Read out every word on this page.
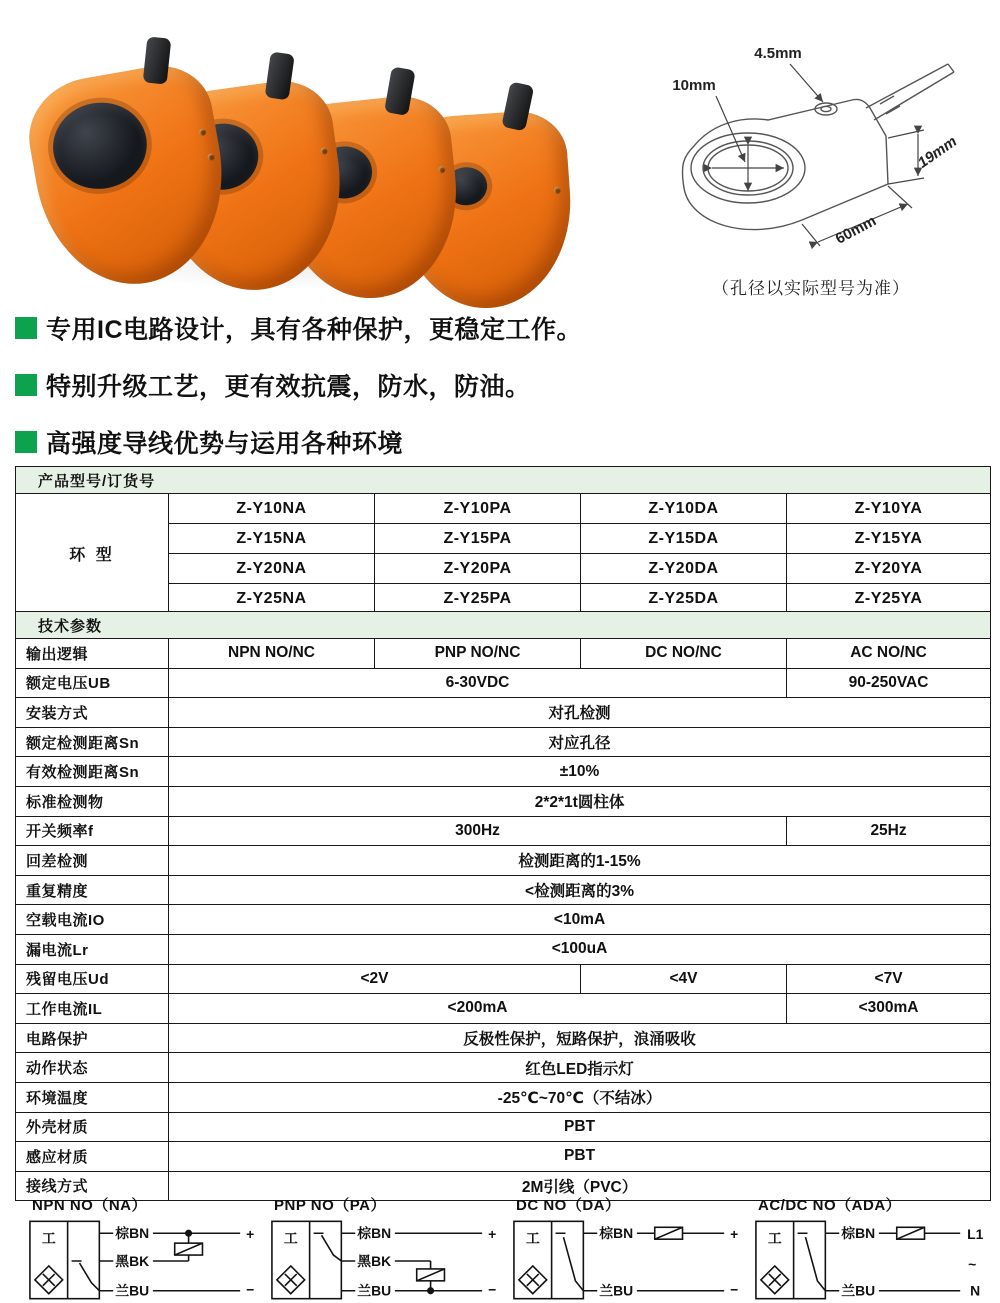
4.5mm
10mm
19mm
60mm
（孔径以实际型号为准）
专用IC电路设计，具有各种保护，更稳定工作。
特别升级工艺，更有效抗震，防水，防油。
高强度导线优势与运用各种环境
产品型号/订货号				
环 型	Z-Y10NA	Z-Y10PA	Z-Y10DA	Z-Y10YA
	Z-Y15NA	Z-Y15PA	Z-Y15DA	Z-Y15YA
	Z-Y20NA	Z-Y20PA	Z-Y20DA	Z-Y20YA
	Z-Y25NA	Z-Y25PA	Z-Y25DA	Z-Y25YA
技术参数				
输出逻辑	NPN NO/NC	PNP NO/NC	DC NO/NC	AC NO/NC
额定电压UB	6-30VDC			90-250VAC
安装方式	对孔检测			
额定检测距离Sn	对应孔径			
有效检测距离Sn	±10%			
标准检测物	2*2*1t圆柱体			
开关频率f	300Hz			25Hz
回差检测	检测距离的1-15%			
重复精度	<检测距离的3%			
空载电流IO	<10mA			
漏电流Lr	<100uA			
残留电压Ud	<2V		<4V	<7V
工作电流IL	<200mA			<300mA
电路保护	反极性保护，短路保护，浪涌吸收			
动作状态	红色LED指示灯			
环境温度	-25℃~70℃（不结冰）			
外壳材质	PBT			
感应材质	PBT			
接线方式	2M引线（PVC）			
NPN NO（NA）
工	棕BN
黑BK
兰BU
+
−
PNP NO（PA）
工	棕BN
黑BK
兰BU
+
−
DC NO（DA）
工	棕BN
兰BU
+
−
AC/DC NO（ADA）
工	棕BN
兰BU
L1
~
N
